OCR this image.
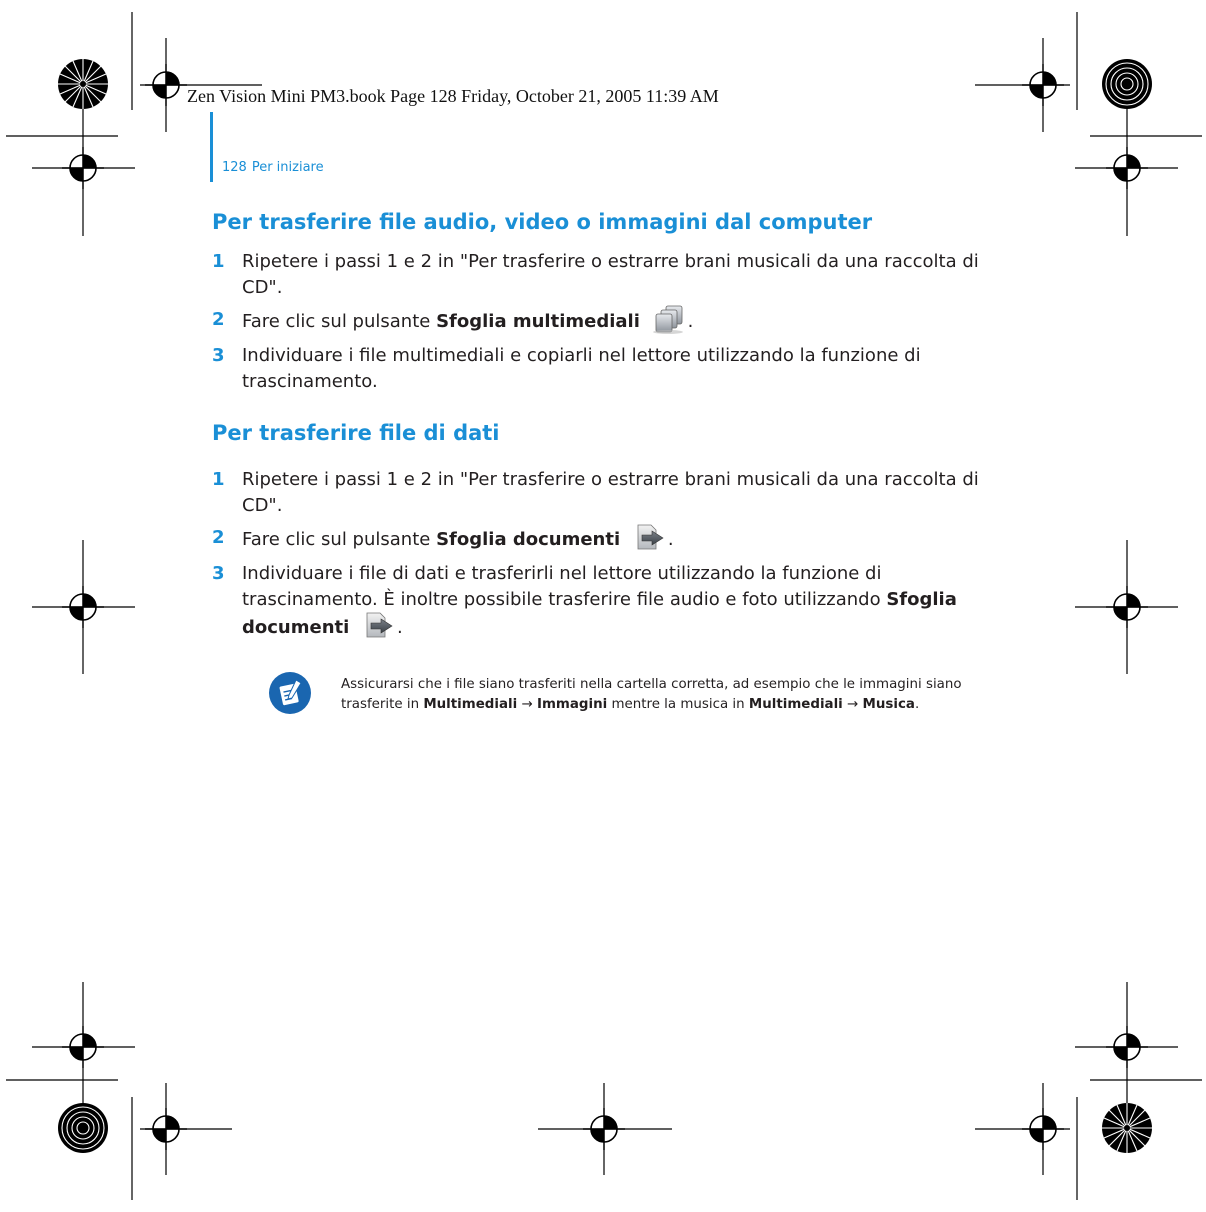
Zen Vision Mini PM3.book Page 128 Friday, October 21, 2005 11:39 AM
128 Per iniziare
Per trasferire file audio, video o immagini dal computer
1 Ripetere i passi 1 e 2 in "Per trasferire o estrarre brani musicali da una raccolta di CD".
2 Fare clic sul pulsante Sfoglia multimediali	.
3 Individuare i file multimediali e copiarli nel lettore utilizzando la funzione di trascinamento.
Per trasferire file di dati
1 Ripetere i passi 1 e 2 in "Per trasferire o estrarre brani musicali da una raccolta di CD".
2 Fare clic sul pulsante Sfoglia documenti	.
3 Individuare i file di dati e trasferirli nel lettore utilizzando la funzione di trascinamento. È inoltre possibile trasferire file audio e foto utilizzando Sfoglia documenti	.
Assicurarsi che i file siano trasferiti nella cartella corretta, ad esempio che le immagini siano trasferite in Multimediali → Immagini mentre la musica in Multimediali → Musica.
